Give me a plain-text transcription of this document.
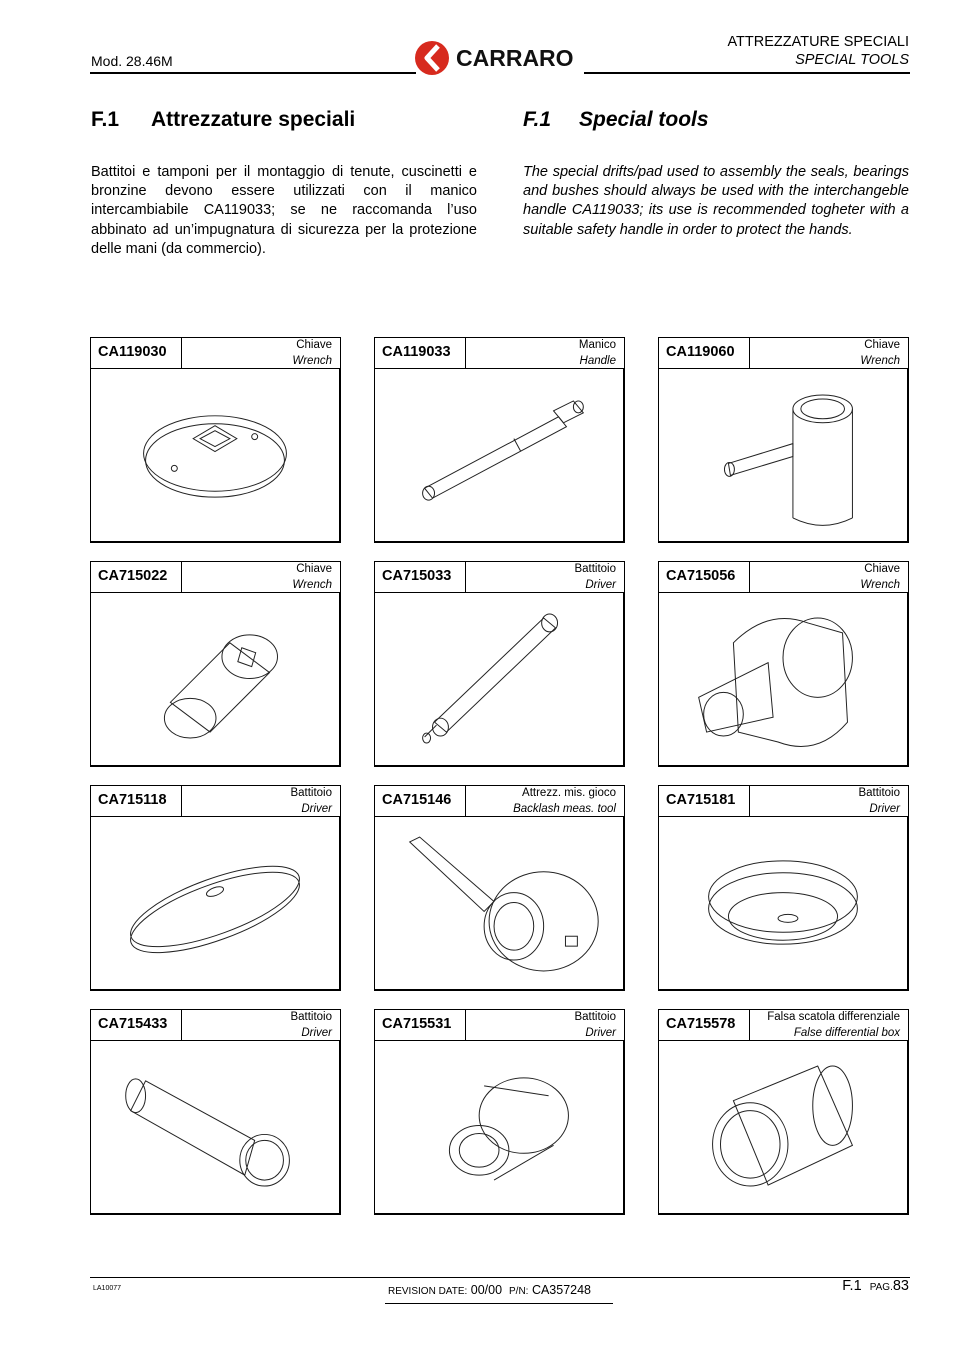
Mod. 28.46M	CARRARO
ATTREZZATURE SPECIALI
SPECIAL TOOLS
F.1 Attrezzature speciali	F.1 Special tools
Battitoi e tamponi per il montaggio di tenute, cuscinetti e bronzine devono essere utilizzati con il manico intercambiabile CA119033; se ne raccomanda l’uso abbinato ad un’impugnatura di sicurezza per la protezione delle mani (da commercio).
The special drifts/pad used to assembly the seals, bearings and bushes should always be used with the interchangeble handle CA119033; its use is recommended togheter with a suitable safety handle in order to protect the hands.
CA119030	Chiave
Wrench
CA119033	Manico
Handle
CA119060	Chiave
Wrench
CA715022	Chiave
Wrench
CA715033	Battitoio
Driver
CA715056	Chiave
Wrench
CA715118	Battitoio
Driver
CA715146	Attrezz. mis. gioco
Backlash meas. tool
CA715181	Battitoio
Driver
CA715433	Battitoio
Driver
CA715531	Battitoio
Driver
CA715578	Falsa scatola differenziale
False differential box
LA10077	REVISION DATE: 00/00 P/N: CA357248	F.1 PAG.83
